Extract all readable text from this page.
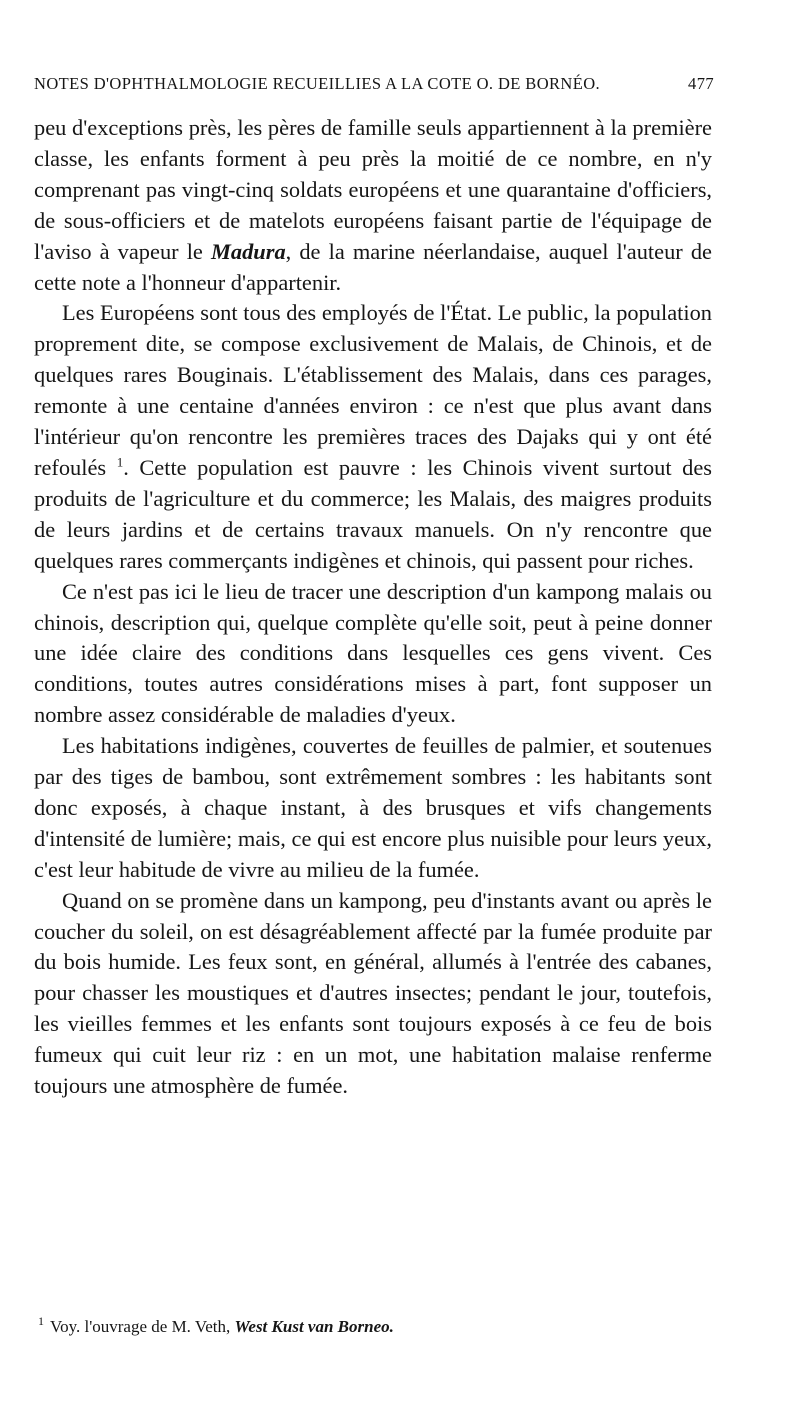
NOTES D'OPHTHALMOLOGIE RECUEILLIES A LA COTE O. DE BORNÉO.	477

peu d'exceptions près, les pères de famille seuls appartiennent à la première classe, les enfants forment à peu près la moitié de ce nombre, en n'y comprenant pas vingt-cinq soldats européens et une quarantaine d'officiers, de sous-officiers et de matelots européens faisant partie de l'équipage de l'aviso à vapeur le Madura, de la marine néerlandaise, auquel l'auteur de cette note a l'honneur d'appartenir.

Les Européens sont tous des employés de l'État. Le public, la population proprement dite, se compose exclusivement de Malais, de Chinois, et de quelques rares Bouginais. L'établissement des Malais, dans ces parages, remonte à une centaine d'années environ : ce n'est que plus avant dans l'intérieur qu'on rencontre les premières traces des Dajaks qui y ont été refoulés $^1$. Cette population est pauvre : les Chinois vivent surtout des produits de l'agriculture et du commerce; les Malais, des maigres produits de leurs jardins et de certains travaux manuels. On n'y rencontre que quelques rares commerçants indigènes et chinois, qui passent pour riches.

Ce n'est pas ici le lieu de tracer une description d'un kampong malais ou chinois, description qui, quelque complète qu'elle soit, peut à peine donner une idée claire des conditions dans lesquelles ces gens vivent. Ces conditions, toutes autres considérations mises à part, font supposer un nombre assez considérable de maladies d'yeux.

Les habitations indigènes, couvertes de feuilles de palmier, et soutenues par des tiges de bambou, sont extrêmement sombres : les habitants sont donc exposés, à chaque instant, à des brusques et vifs changements d'intensité de lumière; mais, ce qui est encore plus nuisible pour leurs yeux, c'est leur habitude de vivre au milieu de la fumée.

Quand on se promène dans un kampong, peu d'instants avant ou après le coucher du soleil, on est désagréablement affecté par la fumée produite par du bois humide. Les feux sont, en général, allumés à l'entrée des cabanes, pour chasser les moustiques et d'autres insectes; pendant le jour, toutefois, les vieilles femmes et les enfants sont toujours exposés à ce feu de bois fumeux qui cuit leur riz : en un mot, une habitation malaise renferme toujours une atmosphère de fumée.

$^1$ Voy. l'ouvrage de M. Veth, West Kust van Borneo.
